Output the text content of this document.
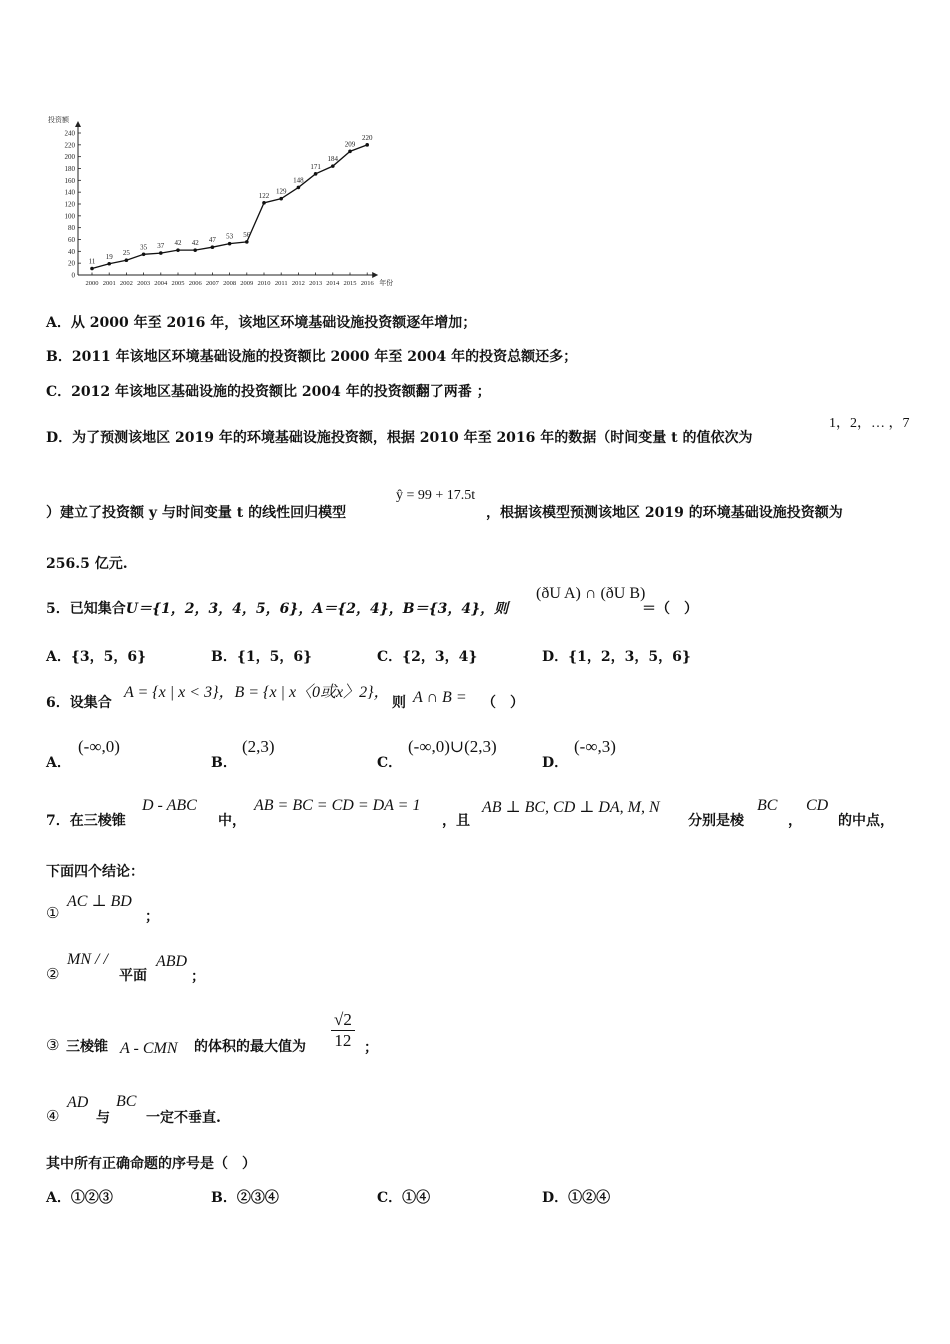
投资额
年份
0
20
40
60
80
100
120
140
160
180
200
220
240
2000 2001 2002 2003 2004 2005 2006 2007 2008 2009 2010 2011 2012 2013 2014 2015 2016
11
19 25
35 37 42 42 47 53 56
122
129
148
171
184
209
220
A．从 2000 年至 2016 年，该地区环境基础设施投资额逐年增加；
B．2011 年该地区环境基础设施的投资额比 2000 年至 2004 年的投资总额还多；
C．2012 年该地区基础设施的投资额比 2004 年的投资额翻了两番 ；
D．为了预测该地区 2019 年的环境基础设施投资额，根据 2010 年至 2016 年的数据（时间变量 t 的值依次为
1，2，… ，7
）建立了投资额 y 与时间变量 t 的线性回归模型
ŷ = 99 + 17.5t
，根据该模型预测该地区 2019 的环境基础设施投资额为
256.5 亿元.
5．已知集合U＝{1，2，3，4，5，6}，A＝{2，4}，B＝{3，4}，则
(ðU A) ∩ (ðU B)
＝（　）
A．{3，5，6}	B．{1，5，6}	C．{2，3，4}	D．{1，2，3，5，6}
6．设集合
A = {x | x < 3}，B = {x | x〈0或x〉2}，
则 A ∩ B = （　）
A．
(-∞,0)
B．
(2,3)
C．
(-∞,0)∪(2,3)
D．
(-∞,3)
7．在三棱锥
D - ABC
中，
AB = BC = CD = DA = 1
，且
AB ⊥ BC, CD ⊥ DA, M, N
分别是棱
BC
，
CD
的中点，
下面四个结论：
①
AC ⊥ BD
；
②
MN / /
平面
ABD
；
③ 三棱锥 A - CMN 的体积的最大值为 $\frac{√2}{12}$ ；
④
AD
与
BC
一定不垂直.
其中所有正确命题的序号是（　）
A．①②③	B．②③④	C．①④	D．①②④
